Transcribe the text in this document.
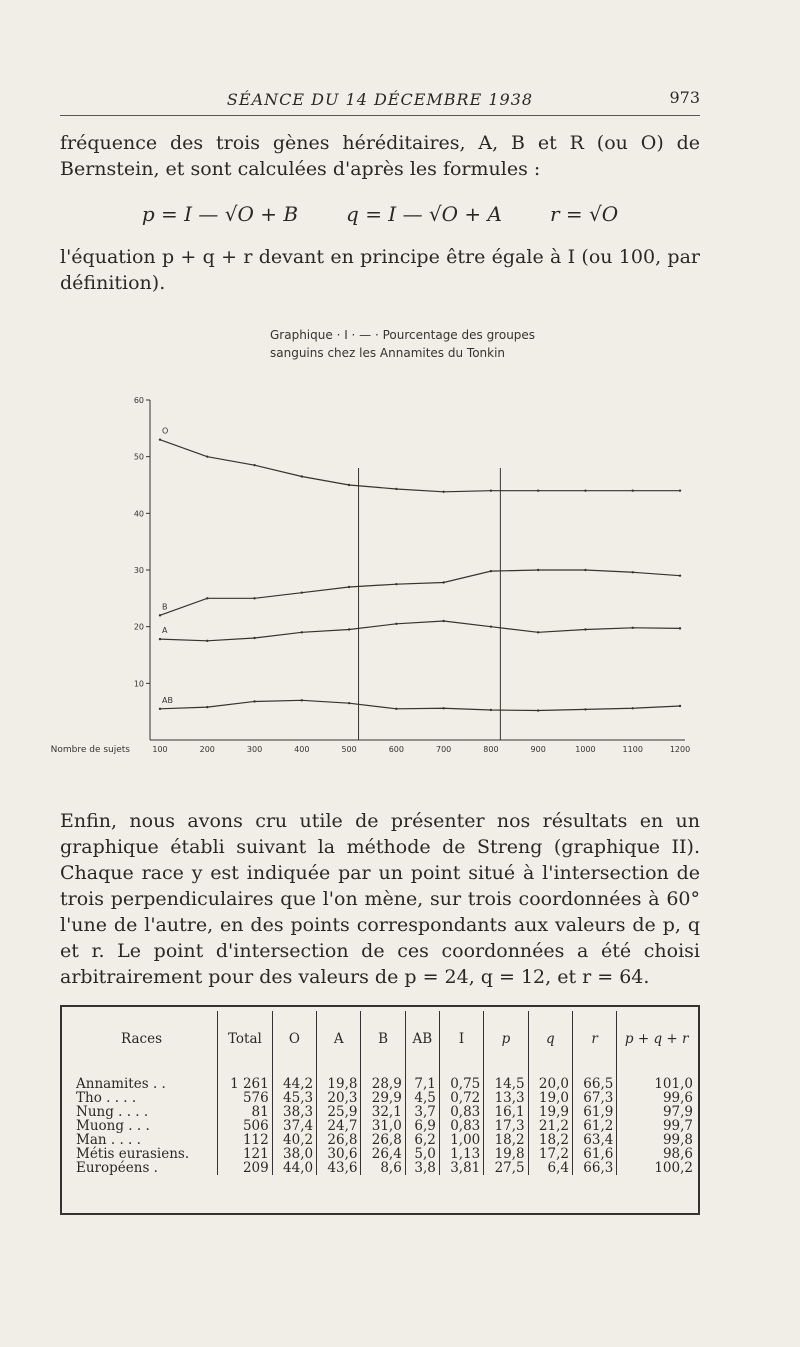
SÉANCE DU 14 DÉCEMBRE 1938	973
fréquence des trois gènes héréditaires, A, B et R (ou O) de Bernstein, et sont calculées d'après les formules :
p = I — √O + B q = I — √O + A r = √O
l'équation p + q + r devant en principe être égale à I (ou 100, par définition).
Graphique · I · — · Pourcentage des groupes
sanguins chez les Annamites du Tonkin
10
20
30
40
50
60
100	200	300	400	500	600	700	800	900	1000	1100	1200
Nombre de sujets
O
B
A
AB
Enfin, nous avons cru utile de présenter nos résultats en un graphique établi suivant la méthode de Streng (graphique II). Chaque race y est indiquée par un point situé à l'intersection de trois perpendiculaires que l'on mène, sur trois coordonnées à 60° l'une de l'autre, en des points correspondants aux valeurs de p, q et r. Le point d'intersection de ces coordonnées a été choisi arbitrairement pour des valeurs de p = 24, q = 12, et r = 64.
Races	Total	O	A	B	AB	I	p	q	r	p + q + r
Annamites . .	1 261	44,2	19,8	28,9	7,1	0,75	14,5	20,0	66,5	101,0
Tho . . . .	576	45,3	20,3	29,9	4,5	0,72	13,3	19,0	67,3	99,6
Nung . . . .	81	38,3	25,9	32,1	3,7	0,83	16,1	19,9	61,9	97,9
Muong . . .	506	37,4	24,7	31,0	6,9	0,83	17,3	21,2	61,2	99,7
Man . . . .	112	40,2	26,8	26,8	6,2	1,00	18,2	18,2	63,4	99,8
Métis eurasiens.	121	38,0	30,6	26,4	5,0	1,13	19,8	17,2	61,6	98,6
Européens .	209	44,0	43,6	8,6	3,8	3,81	27,5	6,4	66,3	100,2
